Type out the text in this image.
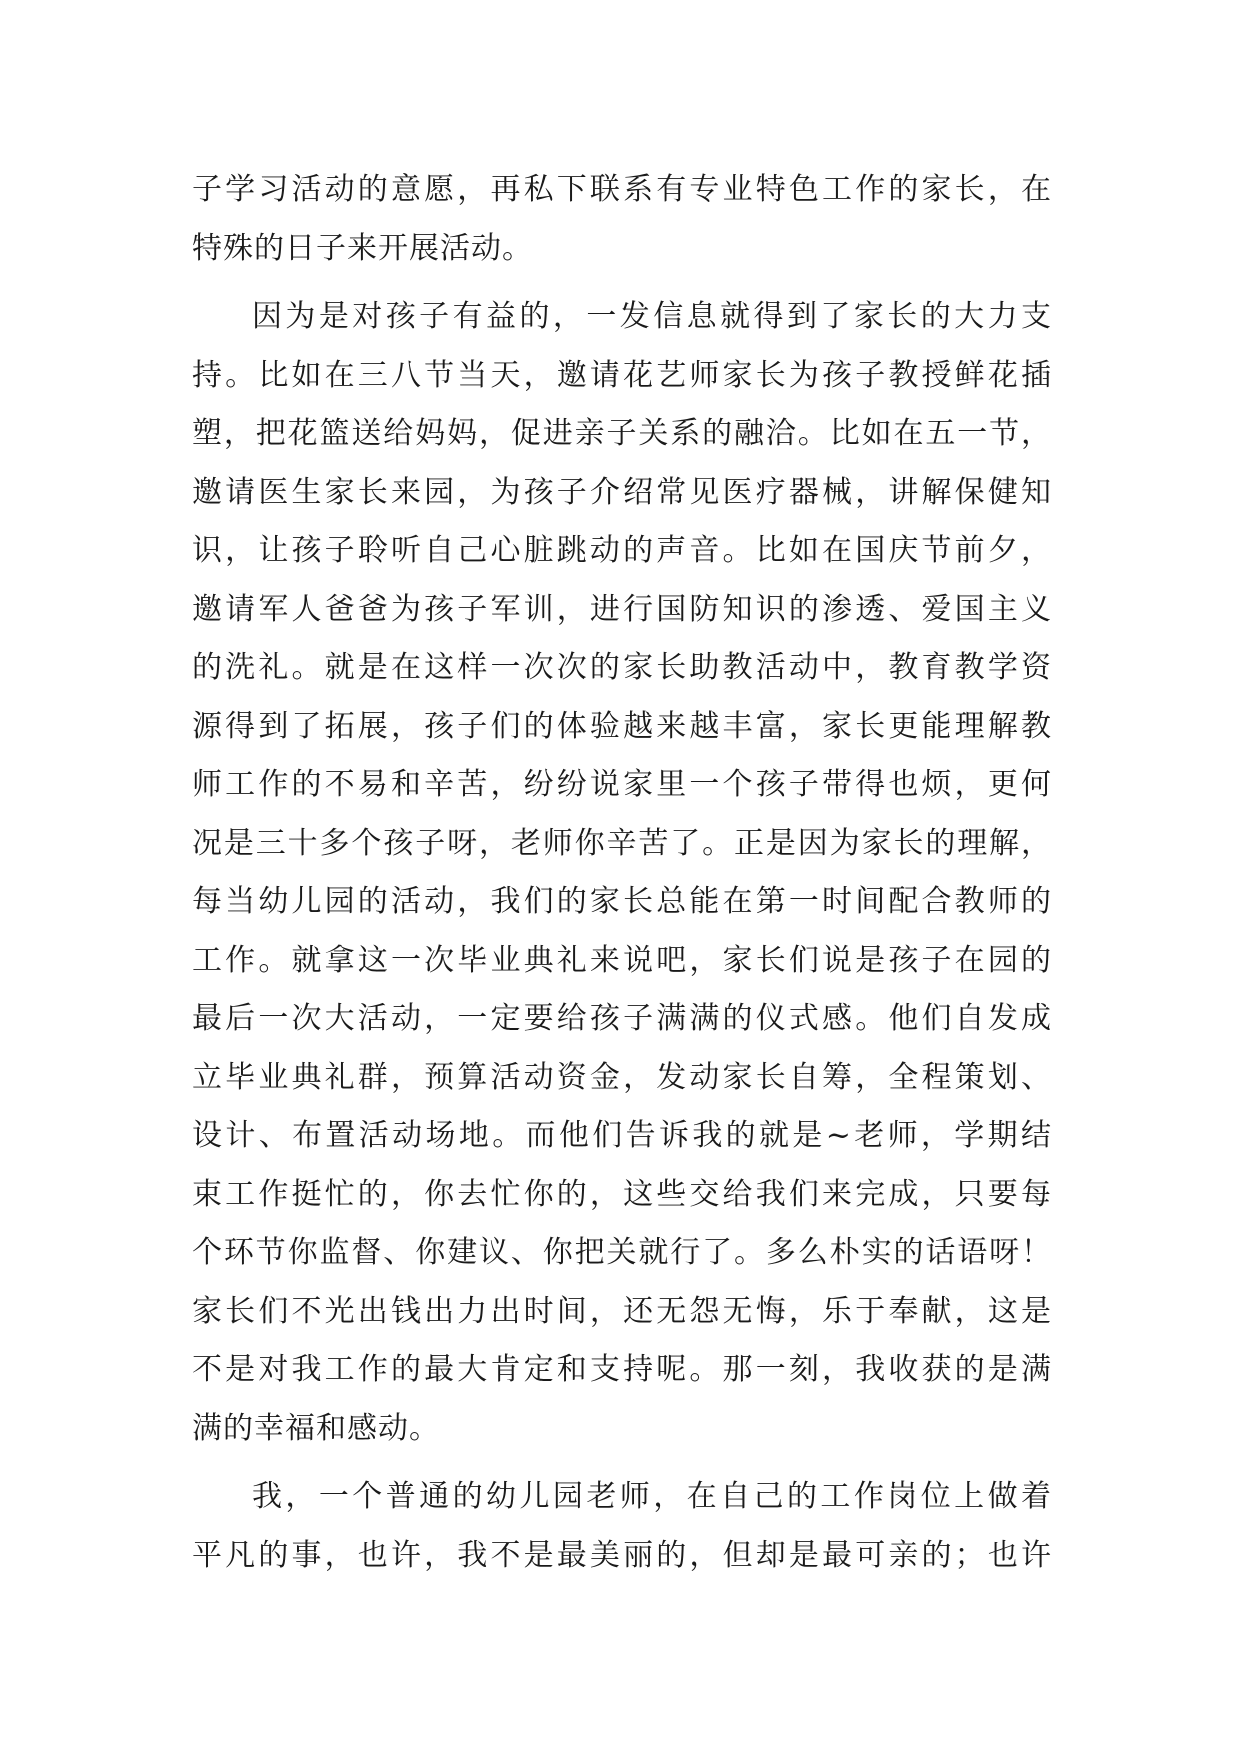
子学习活动的意愿，再私下联系有专业特色工作的家长，在
特殊的日子来开展活动。
因为是对孩子有益的，一发信息就得到了家长的大力支
持。比如在三八节当天，邀请花艺师家长为孩子教授鲜花插
塑，把花篮送给妈妈，促进亲子关系的融洽。比如在五一节，
邀请医生家长来园，为孩子介绍常见医疗器械，讲解保健知
识，让孩子聆听自己心脏跳动的声音。比如在国庆节前夕，
邀请军人爸爸为孩子军训，进行国防知识的渗透、爱国主义
的洗礼。就是在这样一次次的家长助教活动中，教育教学资
源得到了拓展，孩子们的体验越来越丰富，家长更能理解教
师工作的不易和辛苦，纷纷说家里一个孩子带得也烦，更何
况是三十多个孩子呀，老师你辛苦了。正是因为家长的理解，
每当幼儿园的活动，我们的家长总能在第一时间配合教师的
工作。就拿这一次毕业典礼来说吧，家长们说是孩子在园的
最后一次大活动，一定要给孩子满满的仪式感。他们自发成
立毕业典礼群，预算活动资金，发动家长自筹，全程策划、
设计、布置活动场地。而他们告诉我的就是~老师，学期结
束工作挺忙的，你去忙你的，这些交给我们来完成，只要每
个环节你监督、你建议、你把关就行了。多么朴实的话语呀！
家长们不光出钱出力出时间，还无怨无悔，乐于奉献，这是
不是对我工作的最大肯定和支持呢。那一刻，我收获的是满
满的幸福和感动。
我，一个普通的幼儿园老师，在自己的工作岗位上做着
平凡的事，也许，我不是最美丽的，但却是最可亲的；也许
